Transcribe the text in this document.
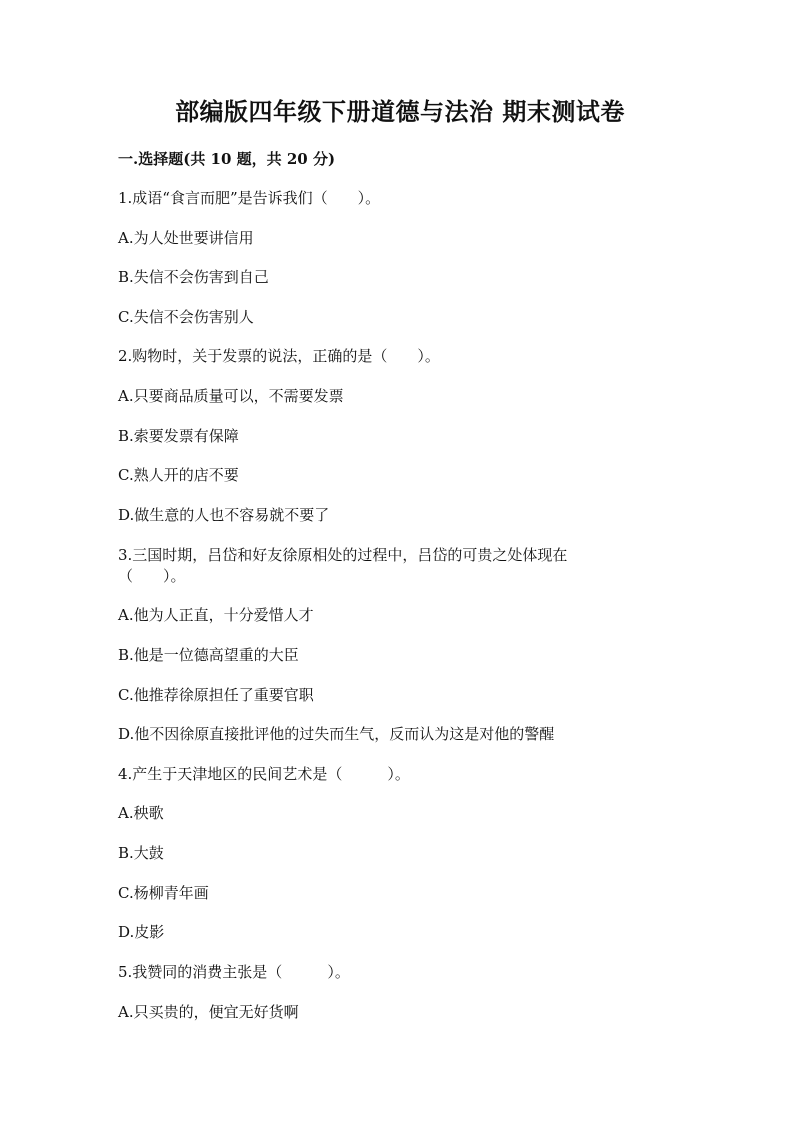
部编版四年级下册道德与法治 期末测试卷
一.选择题(共 10 题，共 20 分)
1.成语“食言而肥”是告诉我们（　　）。
A.为人处世要讲信用
B.失信不会伤害到自己
C.失信不会伤害别人
2.购物时，关于发票的说法，正确的是（　　）。
A.只要商品质量可以，不需要发票
B.索要发票有保障
C.熟人开的店不要
D.做生意的人也不容易就不要了
3.三国时期，吕岱和好友徐原相处的过程中，吕岱的可贵之处体现在
（　　）。
A.他为人正直，十分爱惜人才
B.他是一位德高望重的大臣
C.他推荐徐原担任了重要官职
D.他不因徐原直接批评他的过失而生气，反而认为这是对他的警醒
4.产生于天津地区的民间艺术是（　　　）。
A.秧歌
B.大鼓
C.杨柳青年画
D.皮影
5.我赞同的消费主张是（　　　）。
A.只买贵的，便宜无好货啊
